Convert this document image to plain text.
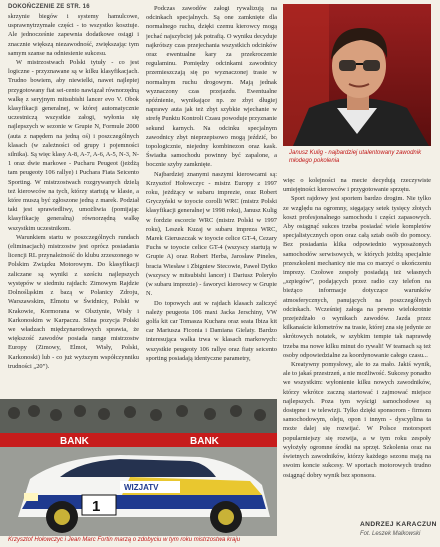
DOKOŃCZENIE ZE STR. 16

skrzynie biegów i systemy hamulcowe, usprawnytrzymałe części - to wszystko kosztuje. Ale jednocześnie zapewnia dodatkowe osiągi i znacznie większą niezawodność, zwiększając tym samym szanse na odniesienie sukcesu.

W mistrzostwach Polski tytuły - co jest logiczne - przyznawane są w kilku klasyfikacjach. Trudno bowiem, aby niewielki, nawet najlepiej przygotowany fiat sei-cento nawiązał równorzędną walkę z seryjnym mitsubishi lancer evo V. Obok klasyfikacji generalnej, w której automatycznie uczestniczą wszystkie załogi, wyłonia się najlepszych w sezonie w Grupie N, Formule 2000 (auta z napędem na jedną oś) i poszczególnych klasach (w zależności od grupy i pojemności silnika). Są więc klasy A-8, A-7, A-6, A-5, N-3, N-1 oraz dwie markowe - Pucharu Peugeot (jeżdżą tam peugeoty 106 rallye) i Puchara Fiata Seicento Sporting. W mistrzostwach rozgrywanych dzielą też kierowców na tych, którzy startują w klasie, a które muszą być zgłoszone jedną z marek. Podział taki jest sprawiedliwy, umożliwia (pomijając klasyfikację generalną) równorzędną walkę wszystkim uczestnikom.

Warunkiem startu w poszczególnych rundach (eliminacjach) mistrzostw jest oprócz posiadania licencji RL przynależność do klubu zrzeszonego w Polskim Związku Motorowym. Do klasyfikacji zaliczane są wyniki z sześciu najlepszych występów w siedmiu rajdach: Zimowym Rajdzie Dolnośląskim z bazą w Polanicy Zdroju, Warszawskim, Elmotu w Świdnicy, Polski w Krakowie, Kormorana w Olsztynie, Wisły i Karkonoskim w Karpaczu. Silna pozycja Polski we władzach międzynarodowych sprawia, że większość zawodów posiada range mistrzostw Europy (Zimowy, Elmot, Wisły, Polski, Karkonoski) lub - co już wyższym współczynniku trudności „20”).

Podczas zawodów załogi rywalizują na odcinkach specjalnych. Są one zamknięte dla normalnego ruchu, dzięki czemu kierowcy mogą jechać najszybciej jak potrafią. O wyniku decyduje najkrótszy czas przejechania wszystkich odcinków oraz ewentualne kary za przekroczenie regulaminu. Pomiędzy odcinkami zawodnicy przemieszczają się po wyznaczonej trasie w normalnym ruchu drogowym. Mają jednak wyznaczony czas przejazdu. Ewentualne spóźnienie, wynikające np. ze zbyt długiej naprawy auta jak też zbyt szybkie wjechanie w strefę Punktu Kontroli Czasu powoduje przyznanie sekund karnych. Na odcinku specjalnym zawodnicy zbyt nieprzepisowo mogą jeździć, bo topologicznie, niejedny kombinezon oraz kask. Świadta samochodu powinny być zapalone, a bocznie szyby zamknięte.

Najbardziej znanymi naszymi kierowcami są: Krzysztof Hołowczyc - mistrz Europy z 1997 roku, jeżdżący w subaru imprezie, oraz Robert Gryczyński w toyocie corolli WRC (mistrz Polski klasyfikacji generalnej w 1998 roku), Janusz Kulig w fordzie escorcie WRC (mistrz Polski w 1997 roku), Leszek Kuzaj w subaru impreza WRC, Marek Gieruszczak w toyocie celice GT-4, Cezary Fuchs w toyocie celice GT-4 (wszyscy startują w Grupie A) oraz Robert Herba, Jarosław Pineles, bracia Wiesław i Zbigniew Stecowie, Paweł Dytko (wszyscy w mitsubishi lancer) i Dariusz Poleryło (w subaru imprezie) - faworyci kierowcy w Grupie N.

Do topowych aut w rajdach klasach zaliczyć należy peugeota 106 maxi Jacka Jerschiny, VW golfa kit car Tomasza Kuchara oraz seata Ibiza kit car Mariusza Ficonia i Damiana Gielaty. Bardzo interesująca walka trwa w klasach markowych: wszystkie peugeoty 106 rallye oraz fiaty seicento sporting posiadają identyczne parametry,

Janusz Kulig - najbardziej utalentowany zawodnik młodego pokolenia

więc o kolejności na mecie decydują rzeczywiste umiejętności kierowców i przygotowanie sprzętu.

Sport rajdowy jest sportem bardzo drogim. Nie tylko ze względu na ogromny, sięgający setek tysięcy złotych koszt profesjonalnego samochodu i części zapasowych. Aby osiągnąć sukces trzeba posiadać wiele kompletów specjalistycznych opon oraz całą sztab osób do pomocy. Bez posiadania klika odpowiednio wyposażonych samochodów serwisowych, w których jeżdżą specjalnie przeszkoleni mechanicy nie ma co marzyć o ukończeniu imprezy. Czołowe zespoły posiadają też własnych „szpiegów”, podających przez radio czy telefon na bieżąco informacje dotyczące warunków atmosferycznych, panujących na poszczególnych odcinkach. Wcześniej załoga na pewno wielokrotnie przejeżdżało o wynikach zawodów. Jazda przez kilkanaście kilometrów na trasie, której zna się jedynie ze skrótowych notatek, w szybkim tempie tak naprawdę trzeba ma nowe kilku minut do rywali! W teamach są też osoby odpowiedzialne za koordynowanie całego czasu...

Kreatywny pomysłowy, ale to za mało. Jakiś wynik, ale to jakaś przestrzeń, a nie możliwość. Sukcesy ponadto we wszystkim: wyłonienie kilku nowych zawodników, którzy wkrótce zaczną startować i zajmować miejsce najlepszych. Poza tym wyścigi samochodowe są dostępne i w telewizji. Tylko dzięki sponsorom - firmom samochodowym, oleju, opon i innym - dyscyplina ta może dalej się rozwijać. W Polsce motorsport popularniejszy się rozwija, a w tym roku zespoły wyłożyły ogromne środki na sprzęt. Szkolenia oraz na świetnych zawodników, którzy każdego sezonu mają na swoim koncie sukcesy. W sportach motorowych trudno osiągnąć dobry wynik bez sponsora.

BANK	BANK
WIZJATV
1
Krzysztof Hołowczyc i Jean Marc Fortin marzą o zdobyciu w tym roku mistrzostwa kraju
ANDRZEJ KARACZUN
Fot. Leszek Malkowski
